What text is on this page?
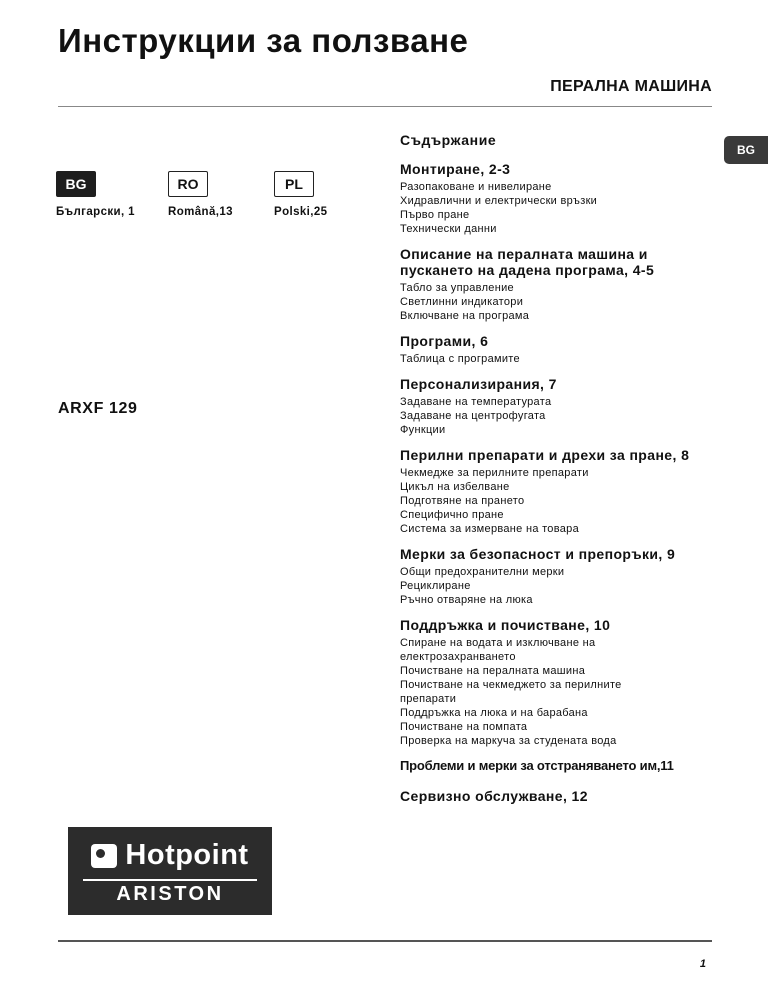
Инструкции за ползване
ПЕРАЛНА МАШИНА
BG
BG
Български, 1
RO
Română,13
PL
Polski,25
ARXF 129
Съдържание
Монтиране, 2-3
Разопаковане и нивелиране
Хидравлични и електрически връзки
Първо пране
Технически данни
Описание на пералната машина и пускането на дадена програма, 4-5
Табло за управление
Светлинни индикатори
Включване на програма
Програми, 6
Таблица с програмите
Персонализирания, 7
Задаване на температурата
Задаване на центрофугата
Функции
Перилни препарати и дрехи за пране, 8
Чекмедже за перилните препарати
Цикъл на избелване
Подготвяне на прането
Специфично пране
Система за измерване на товара
Мерки за безопасност и препоръки, 9
Общи предохранителни мерки
Рециклиране
Ръчно отваряне на люка
Поддръжка и почистване, 10
Спиране на водата и изключване на електрозахранването
Почистване на пералната машина
Почистване на чекмеджето за перилните препарати
Поддръжка на люка и на барабана
Почистване на помпата
Проверка на маркуча за студената вода
Проблеми и мерки за отстраняването им,11
Сервизно обслужване, 12
Hotpoint
ARISTON
1
